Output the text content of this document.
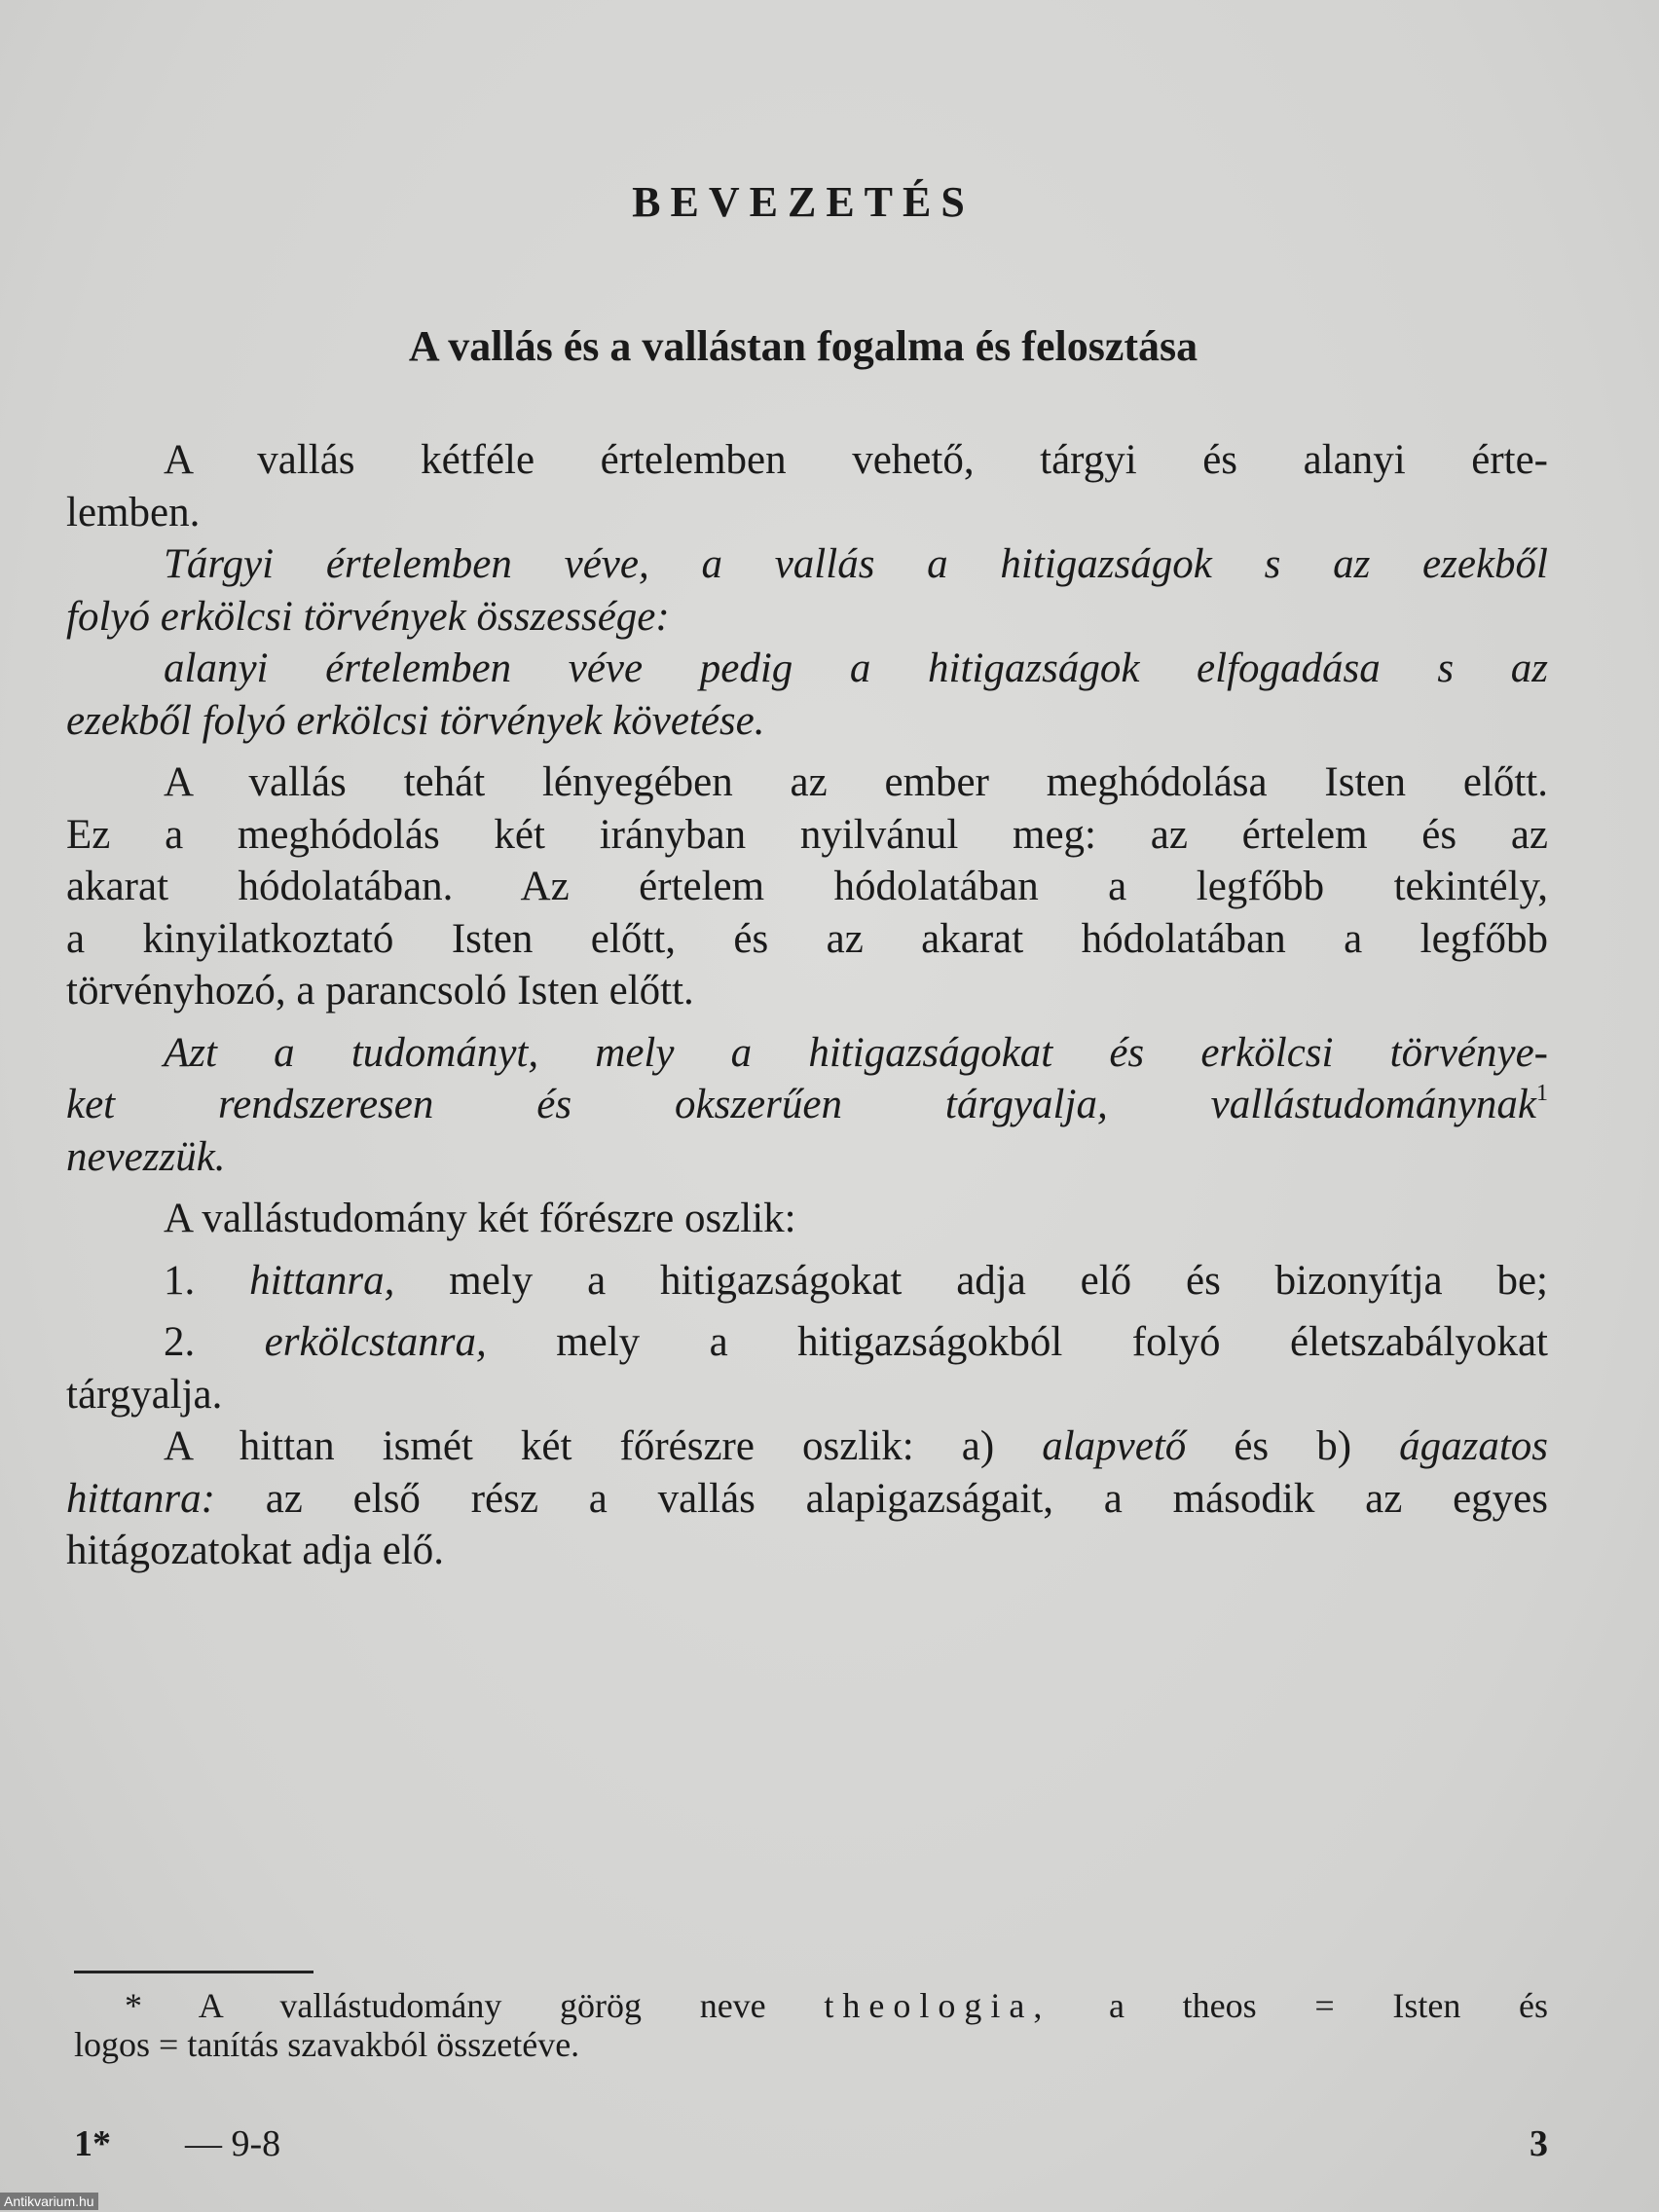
BEVEZETÉS
A vallás és a vallástan fogalma és felosztása
A vallás kétféle értelemben vehető, tárgyi és alanyi érte-
lemben.
Tárgyi értelemben véve, a vallás a hitigazságok s az ezekből
folyó erkölcsi törvények összessége:
alanyi értelemben véve pedig a hitigazságok elfogadása s az
ezekből folyó erkölcsi törvények követése.
A vallás tehát lényegében az ember meghódolása Isten előtt.
Ez a meghódolás két irányban nyilvánul meg: az értelem és az
akarat hódolatában. Az értelem hódolatában a legfőbb tekintély,
a kinyilatkoztató Isten előtt, és az akarat hódolatában a legfőbb
törvényhozó, a parancsoló Isten előtt.
Azt a tudományt, mely a hitigazságokat és erkölcsi törvénye-
ket rendszeresen és okszerűen tárgyalja, vallástudománynak$^1$
nevezzük.
A vallástudomány két főrészre oszlik:
1. hittanra, mely a hitigazságokat adja elő és bizonyítja be;
2. erkölcstanra, mely a hitigazságokból folyó életszabályokat
tárgyalja.
A hittan ismét két főrészre oszlik: a) alapvető és b) ágazatos
hittanra: az első rész a vallás alapigazságait, a második az egyes
hitágozatokat adja elő.
* A vallástudomány görög neve theologia, a theos = Isten és
logos = tanítás szavakból összetéve.
1* — 9-8	3
Antikvarium.hu
